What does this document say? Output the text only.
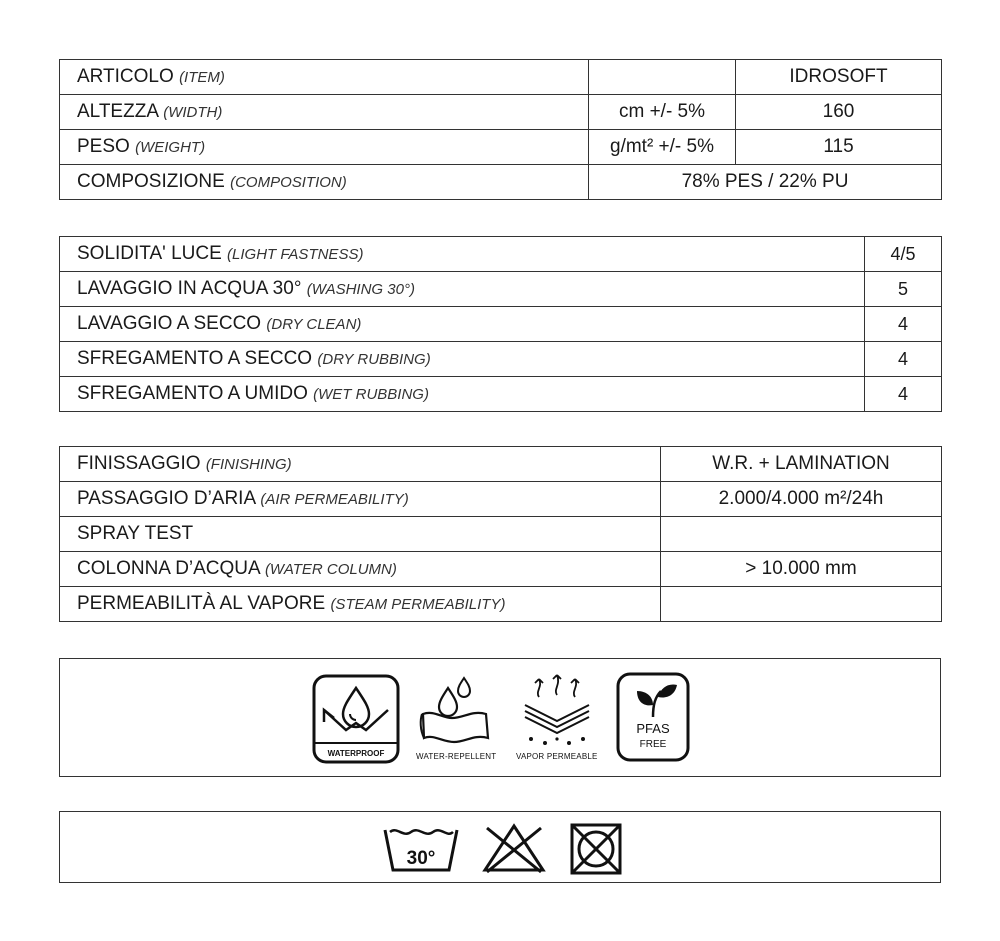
ARTICOLO (ITEM)		IDROSOFT
ALTEZZA (WIDTH)	cm +/- 5%	160
PESO (WEIGHT)	g/mt² +/- 5%	115
COMPOSIZIONE (COMPOSITION)	78% PES / 22% PU	
SOLIDITA' LUCE (LIGHT FASTNESS)	4/5
LAVAGGIO IN ACQUA 30° (WASHING 30°)	5
LAVAGGIO A SECCO (DRY CLEAN)	4
SFREGAMENTO A SECCO (DRY RUBBING)	4
SFREGAMENTO A UMIDO (WET RUBBING)	4
FINISSAGGIO (FINISHING)	W.R. + LAMINATION
PASSAGGIO D’ARIA (AIR PERMEABILITY)	2.000/4.000 m²/24h
SPRAY TEST	
COLONNA D’ACQUA (WATER COLUMN)	> 10.000 mm
PERMEABILITÀ AL VAPORE (STEAM PERMEABILITY)	
WATERPROOF	WATER-REPELLENT VAPOR PERMEABLE
PFAS
FREE
30°
